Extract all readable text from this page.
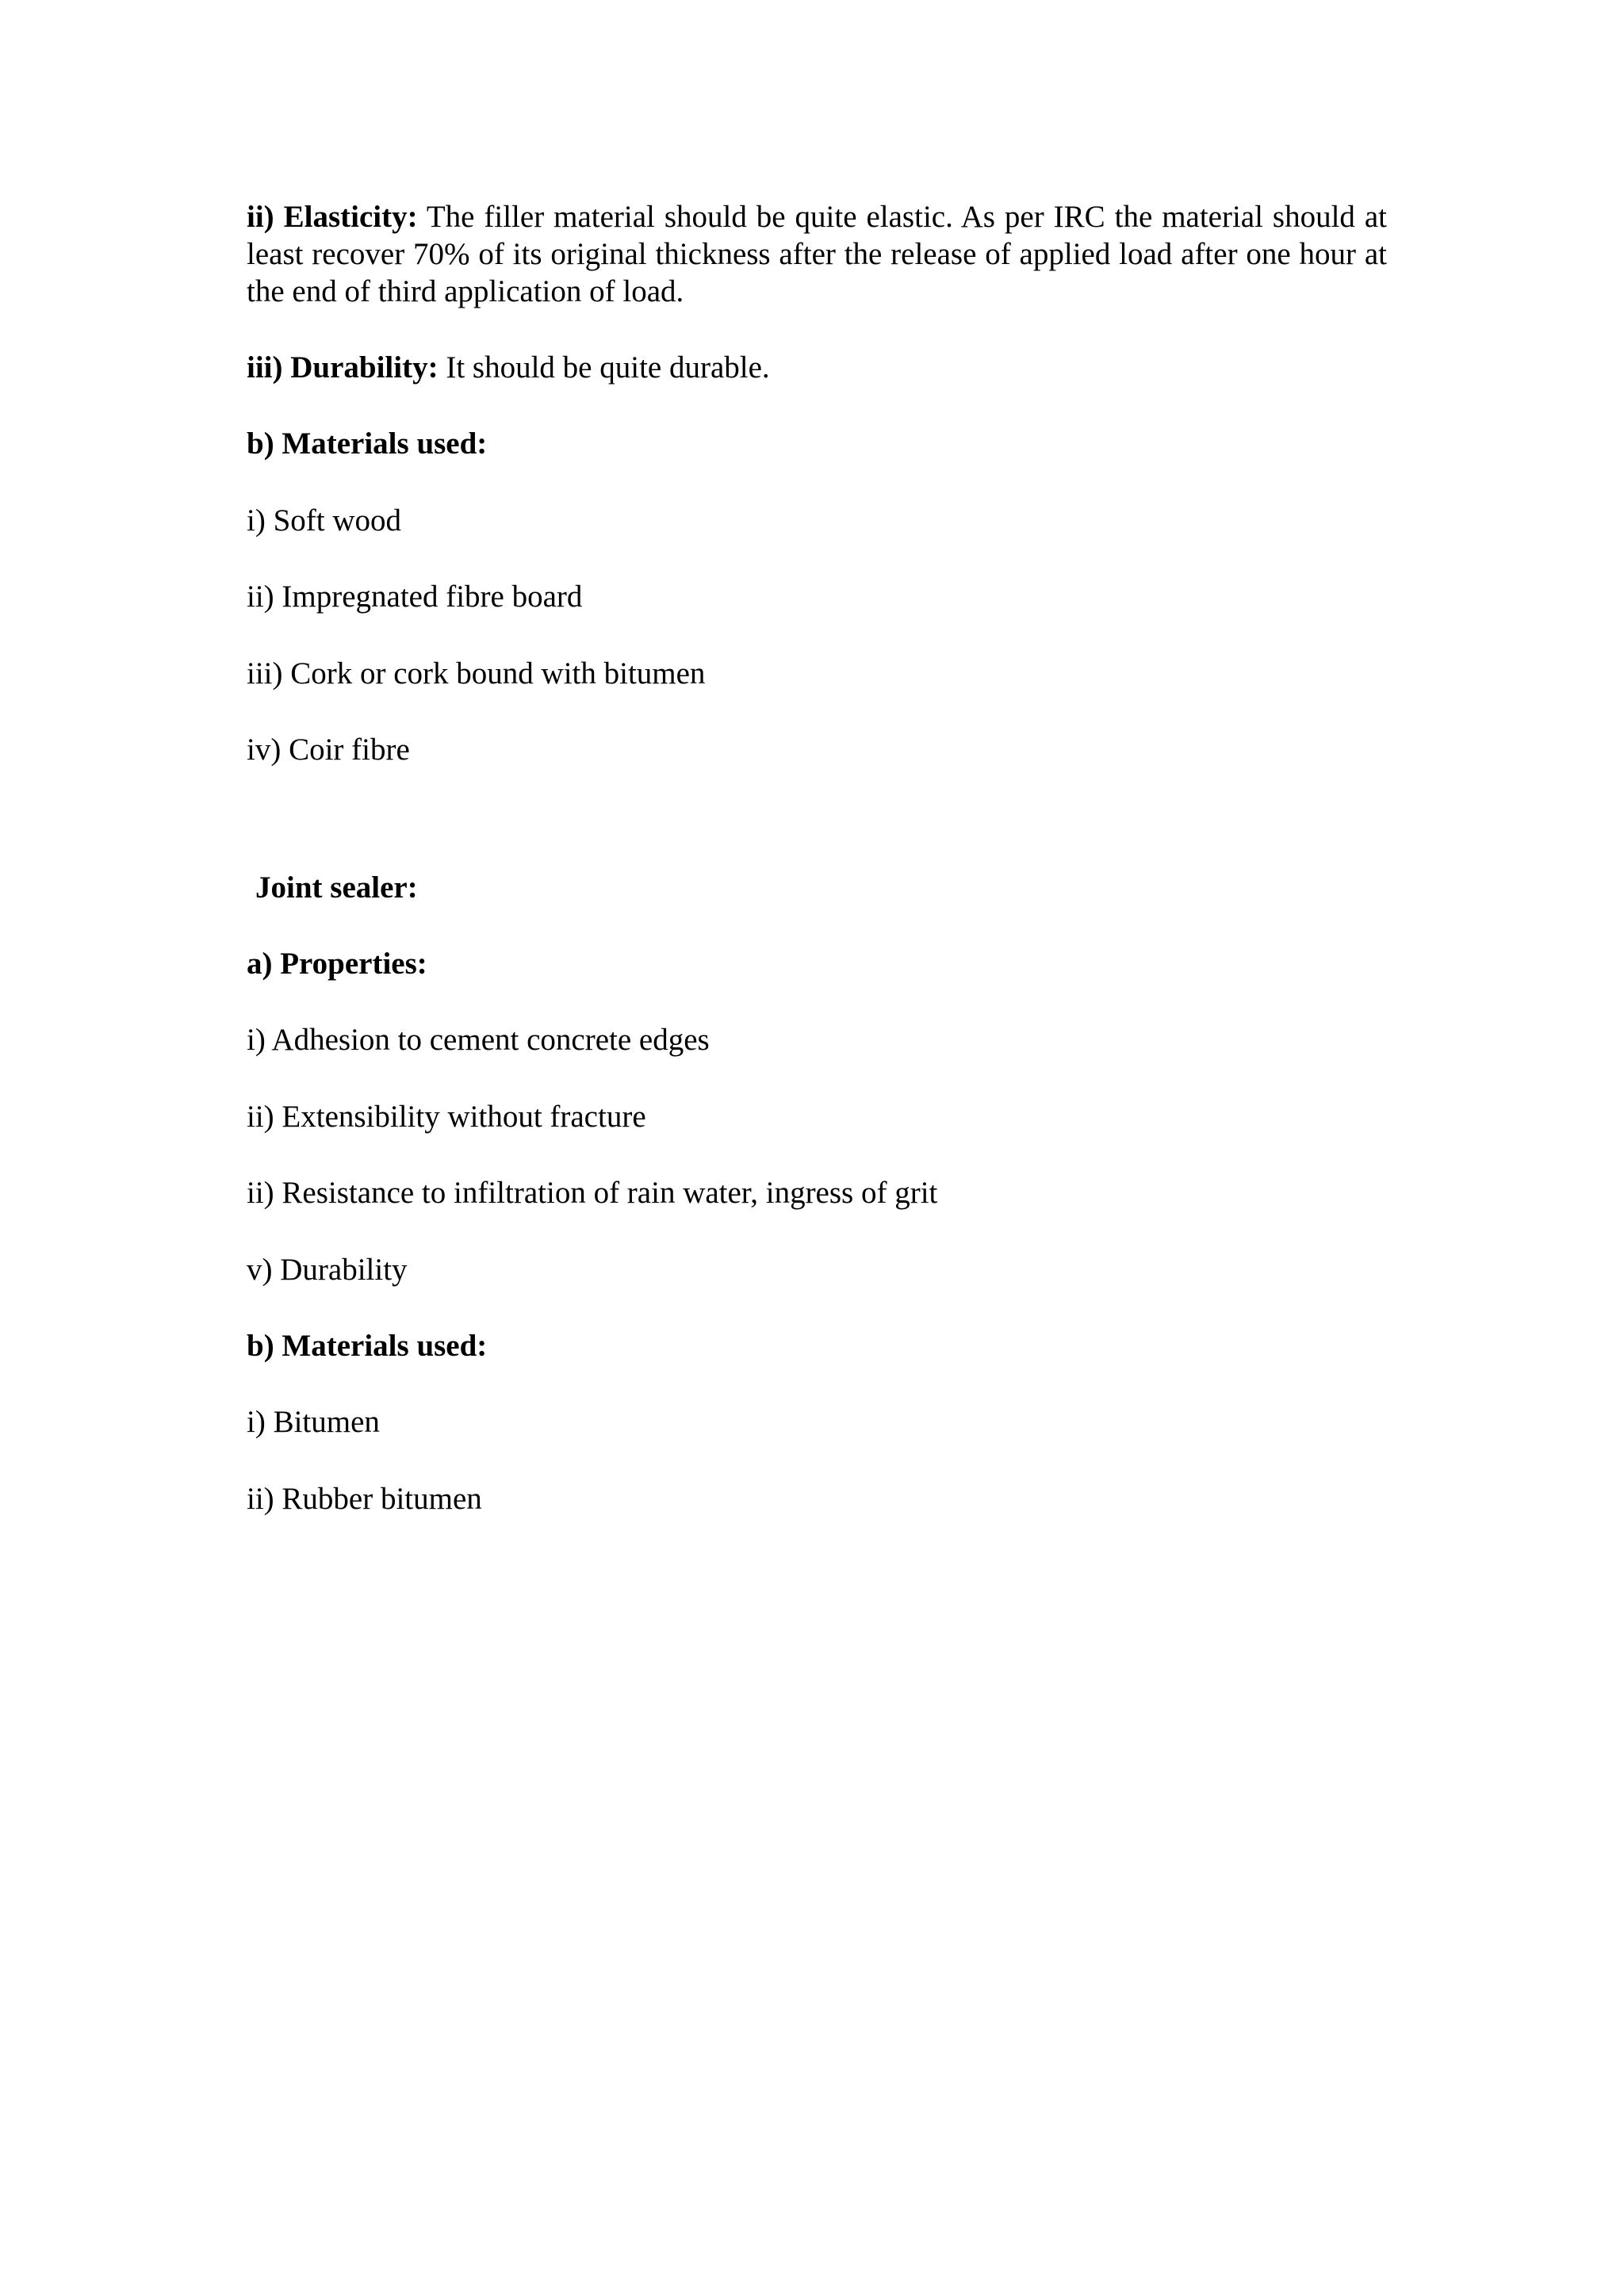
ii) Elasticity: The filler material should be quite elastic. As per IRC the material should at least recover 70% of its original thickness after the release of applied load after one hour at the end of third application of load.
iii) Durability: It should be quite durable.
b) Materials used:
i) Soft wood
ii) Impregnated fibre board
iii) Cork or cork bound with bitumen
iv) Coir fibre
Joint sealer:
a) Properties:
i) Adhesion to cement concrete edges
ii) Extensibility without fracture
ii) Resistance to infiltration of rain water, ingress of grit
v) Durability
b) Materials used:
i) Bitumen
ii) Rubber bitumen
